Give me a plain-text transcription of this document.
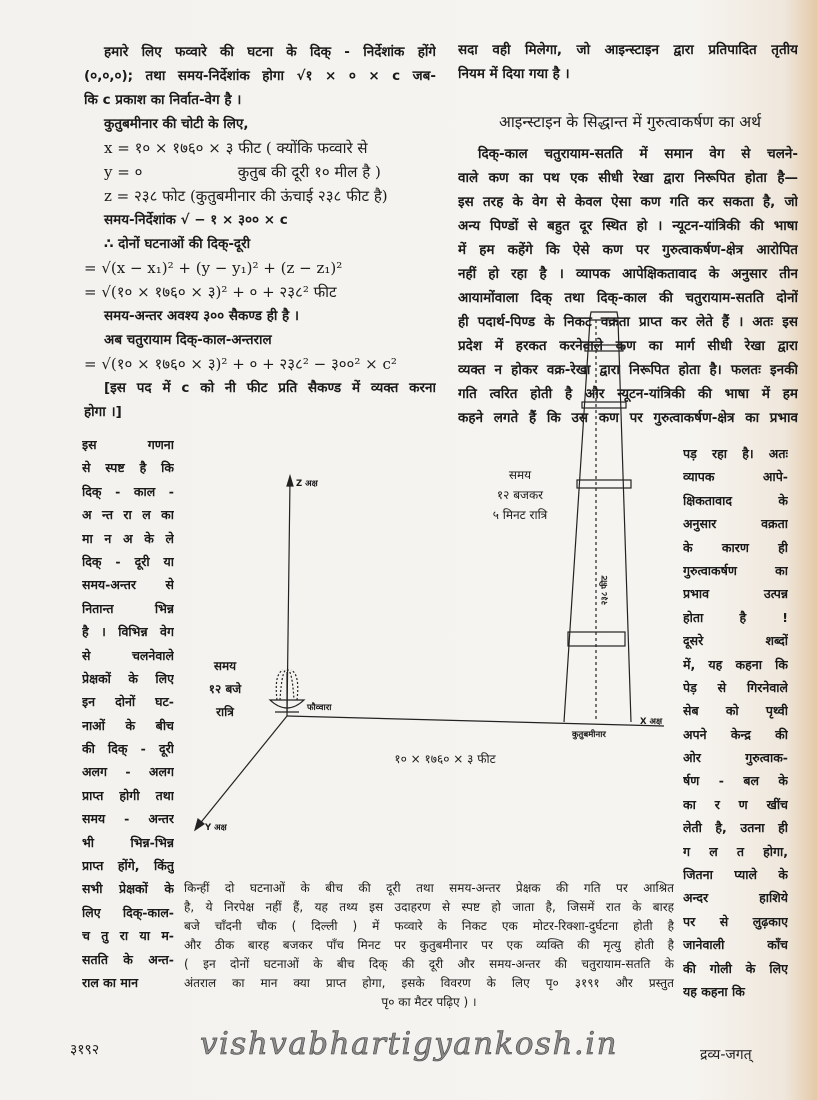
हमारे लिए फव्वारे की घटना के दिक् - निर्देशांक होंगे
(०,०,०); तथा समय-निर्देशांक होगा √१ × ० × c जब-
कि c प्रकाश का निर्वात-वेग है ।
कुतुबमीनार की चोटी के लिए,
x = १० × १७६० × ३ फीट ( क्योंकि फव्वारे से
y = ०                    कुतुब की दूरी १० मील है )
z = २३८ फोट (कुतुबमीनार की ऊंचाई २३८ फीट है)
समय-निर्देशांक √ − १ × ३०० × c
∴ दोनों घटनाओं की दिक्-दूरी
= √(x − x₁)² + (y − y₁)² + (z − z₁)²
= √(१० × १७६० × ३)² + ० + २३८² फीट
समय-अन्तर अवश्य ३०० सैकण्ड ही है ।
अब चतुरायाम दिक्-काल-अन्तराल
= √(१० × १७६० × ३)² + ० + २३८² − ३००² × c²
[इस पद में c को नी फीट प्रति सैकण्ड में व्यक्त करना
होगा ।]
सदा वही मिलेगा, जो आइन्स्टाइन द्वारा प्रतिपादित तृतीय
नियम में दिया गया है ।
आइन्स्टाइन के सिद्धान्त में गुरुत्वाकर्षण का अर्थ
दिक्-काल चतुरायाम-सतति में समान वेग से चलने-
वाले कण का पथ एक सीधी रेखा द्वारा निरूपित होता है—
इस तरह के वेग से केवल ऐसा कण गति कर सकता है, जो
अन्य पिण्डों से बहुत दूर स्थित हो । न्यूटन-यांत्रिकी की भाषा
में हम कहेंगे कि ऐसे कण पर गुरुत्वाकर्षण-क्षेत्र आरोपित
नहीं हो रहा है । व्यापक आपेक्षिकतावाद के अनुसार तीन
आयामोंवाला दिक् तथा दिक्-काल की चतुरायाम-सतति दोनों
ही पदार्थ-पिण्ड के निकट वक्रता प्राप्त कर लेते हैं । अतः इस
प्रदेश में हरकत करनेवाले कण का मार्ग सीधी रेखा द्वारा
व्यक्त न होकर वक्र-रेखा द्वारा निरूपित होता है। फलतः इनकी
गति त्वरित होती है और न्यूटन-यांत्रिकी की भाषा में हम
कहने लगते हैं कि उस कण पर गुरुत्वाकर्षण-क्षेत्र का प्रभाव
इस गणना
से स्पष्ट है कि
दिक् - काल -
अ न्त रा ल का
मा न अ के ले
दिक् - दूरी या
समय-अन्तर से
नितान्त भिन्न
है । विभिन्न वेग
से चलनेवाले
प्रेक्षकों के लिए
इन दोनों घट-
नाओं के बीच
की दिक् - दूरी
अलग - अलग
प्राप्त होगी तथा
समय - अन्तर
भी भिन्न-भिन्न
प्राप्त होंगे, किंतु
सभी प्रेक्षकों के
लिए दिक्-काल-
च तु रा या म-
सतति के अन्त-
राल का मान
पड़ रहा है। अतः
व्यापक आपे-
क्षिकतावाद के
अनुसार वक्रता
के कारण ही
गुरुत्वाकर्षण का
प्रभाव उत्पन्न
होता है !
दूसरे शब्दों
में, यह कहना कि
पेड़ से गिरनेवाले
सेब को पृथ्वी
अपने केन्द्र की
ओर गुरुत्वाक-
र्षण - बल के
का र ण खींच
लेती है, उतना ही
ग ल त होगा,
जितना प्याले के
अन्दर हाशिये
पर से लुढ़काए
जानेवाली काँच
की गोली के लिए
यह कहना कि
Z अक्ष
X अक्ष
Y अक्ष
फौव्वारा
कुतुबमीनार
२३८ फीट
समय
१२ बजे
रात्रि
समय
१२ बजकर
५ मिनट रात्रि
१० × १७६० × ३ फीट
किन्हीं दो घटनाओं के बीच की दूरी तथा समय-अन्तर प्रेक्षक की गति पर आश्रित
है, ये निरपेक्ष नहीं हैं, यह तथ्य इस उदाहरण से स्पष्ट हो जाता है, जिसमें रात के बारह
बजे चाँदनी चौक ( दिल्ली ) में फव्वारे के निकट एक मोटर-रिक्शा-दुर्घटना होती है
और ठीक बारह बजकर पाँच मिनट पर कुतुबमीनार पर एक व्यक्ति की मृत्यु होती है
( इन दोनों घटनाओं के बीच दिक् की दूरी और समय-अन्तर की चतुरायाम-सतति के
अंतराल का मान क्या प्राप्त होगा, इसके विवरण के लिए पृ० ३१९१ और प्रस्तुत
पृ० का मैटर पढ़िए ) ।
३१९२	vishvabhartigyankosh.in	द्रव्य-जगत्
